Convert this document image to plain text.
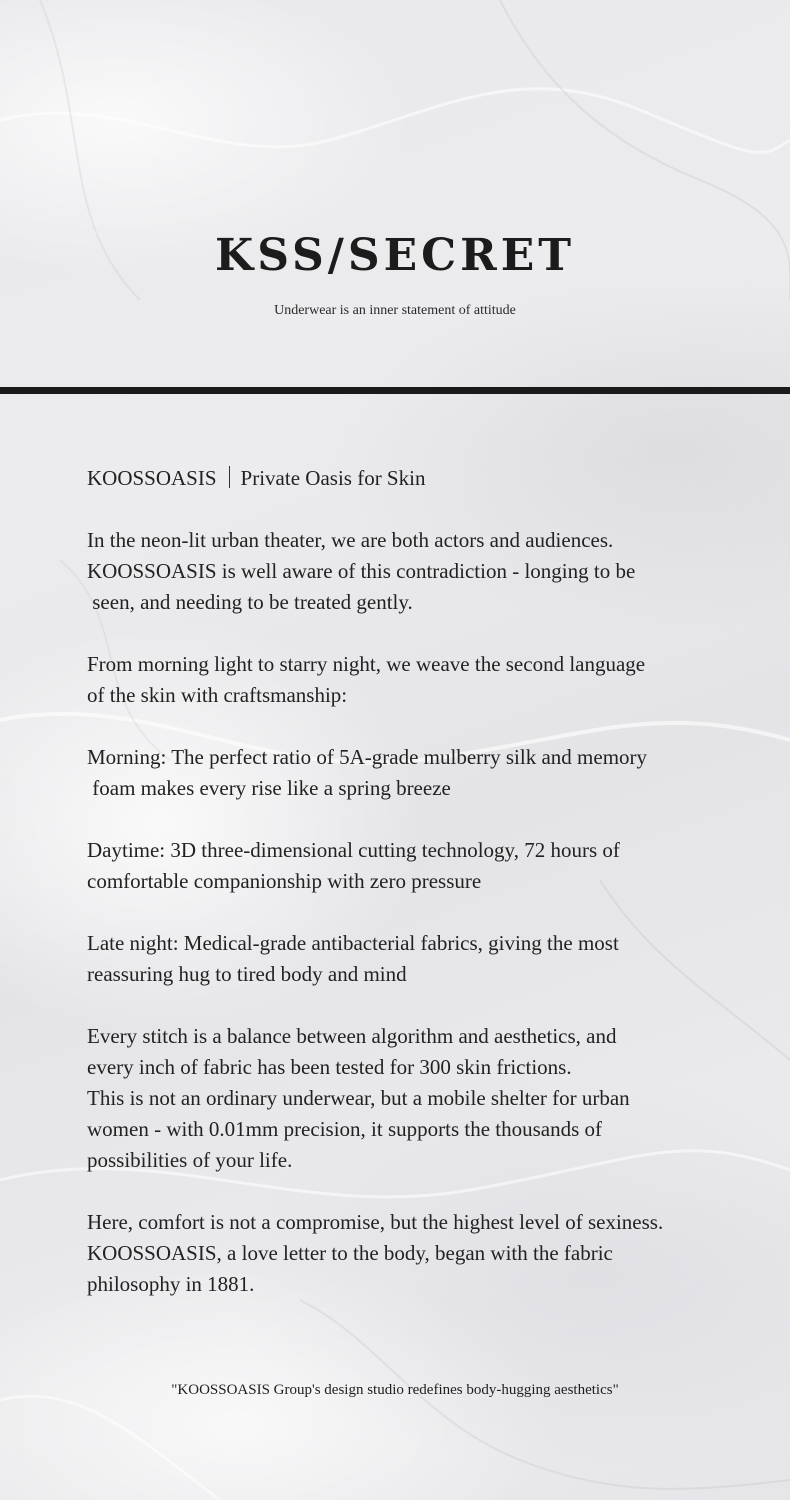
KSS/SECRET
Underwear is an inner statement of attitude
KOOSSOASIS Private Oasis for Skin

In the neon-lit urban theater, we are both actors and audiences.
KOOSSOASIS is well aware of this contradiction - longing to be
seen, and needing to be treated gently.

From morning light to starry night, we weave the second language
of the skin with craftsmanship:

Morning: The perfect ratio of 5A-grade mulberry silk and memory
foam makes every rise like a spring breeze

Daytime: 3D three-dimensional cutting technology, 72 hours of
comfortable companionship with zero pressure

Late night: Medical-grade antibacterial fabrics, giving the most
reassuring hug to tired body and mind

Every stitch is a balance between algorithm and aesthetics, and
every inch of fabric has been tested for 300 skin frictions.
This is not an ordinary underwear, but a mobile shelter for urban
women - with 0.01mm precision, it supports the thousands of
possibilities of your life.

Here, comfort is not a compromise, but the highest level of sexiness.
KOOSSOASIS, a love letter to the body, began with the fabric
philosophy in 1881.

"KOOSSOASIS Group's design studio redefines body-hugging aesthetics"
